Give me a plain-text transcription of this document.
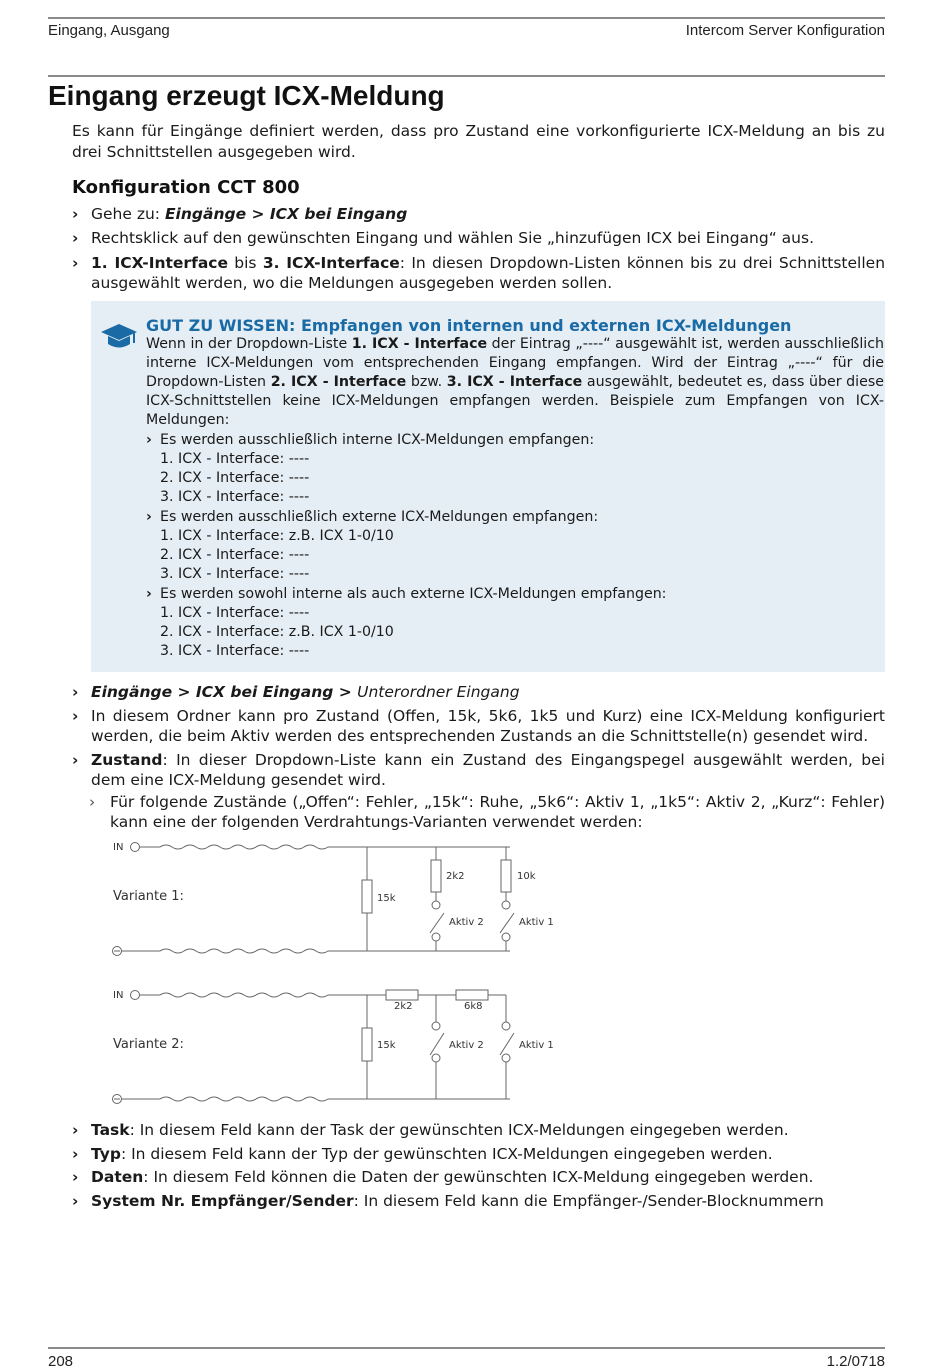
Eingang, Ausgang	Intercom Server Konfiguration
Eingang erzeugt ICX-Meldung

Es kann für Eingänge definiert werden, dass pro Zustand eine vorkonfigurierte ICX-Meldung an bis zu drei Schnittstellen ausgegeben wird.

Konfiguration CCT 800

› Gehe zu: Eingänge > ICX bei Eingang

› Rechtsklick auf den gewünschten Eingang und wählen Sie „hinzufügen ICX bei Eingang“ aus.

› 1. ICX-Interface bis 3. ICX-Interface: In diesen Dropdown-Listen können bis zu drei Schnittstellen ausgewählt werden, wo die Meldungen ausgegeben werden sollen.

GUT ZU WISSEN: Empfangen von internen und externen ICX-Meldungen

Wenn in der Dropdown-Liste 1. ICX - Interface der Eintrag „----“ ausgewählt ist, werden ausschließlich interne ICX-Meldungen vom entsprechenden Eingang empfangen. Wird der Eintrag „----“ für die Dropdown-Listen 2. ICX - Interface bzw. 3. ICX - Interface ausgewählt, bedeutet es, dass über diese ICX-Schnittstellen keine ICX-Meldungen empfangen werden. Beispiele zum Empfangen von ICX-Meldungen:

› Es werden ausschließlich interne ICX-Meldungen empfangen:

1. ICX - Interface: ----

2. ICX - Interface: ----

3. ICX - Interface: ----

› Es werden ausschließlich externe ICX-Meldungen empfangen:

1. ICX - Interface: z.B. ICX 1-0/10

2. ICX - Interface: ----

3. ICX - Interface: ----

› Es werden sowohl interne als auch externe ICX-Meldungen empfangen:

1. ICX - Interface: ----

2. ICX - Interface: z.B. ICX 1-0/10

3. ICX - Interface: ----

› Eingänge > ICX bei Eingang > Unterordner Eingang

› In diesem Ordner kann pro Zustand (Offen, 15k, 5k6, 1k5 und Kurz) eine ICX-Meldung konfiguriert werden, die beim Aktiv werden des entsprechenden Zustands an die Schnittstelle(n) gesendet wird.

› Zustand: In dieser Dropdown-Liste kann ein Zustand des Eingangspegel ausgewählt werden, bei dem eine ICX-Meldung gesendet wird.

› Für folgende Zustände („Offen“: Fehler, „15k“: Ruhe, „5k6“: Aktiv 1, „1k5“: Aktiv 2, „Kurz“: Fehler) kann eine der folgenden Verdrahtungs-Varianten verwendet werden:

IN
Variante 1:	15k
2k2	10k
Aktiv 2	Aktiv 1
IN
Variante 2:
2k2	6k8
15k	Aktiv 2	Aktiv 1

› Task: In diesem Feld kann der Task der gewünschten ICX-Meldungen eingegeben werden.

› Typ: In diesem Feld kann der Typ der gewünschten ICX-Meldungen eingegeben werden.

› Daten: In diesem Feld können die Daten der gewünschten ICX-Meldung eingegeben werden.

› System Nr. Empfänger/Sender: In diesem Feld kann die Empfänger-/Sender-Blocknummern

208	1.2/0718
